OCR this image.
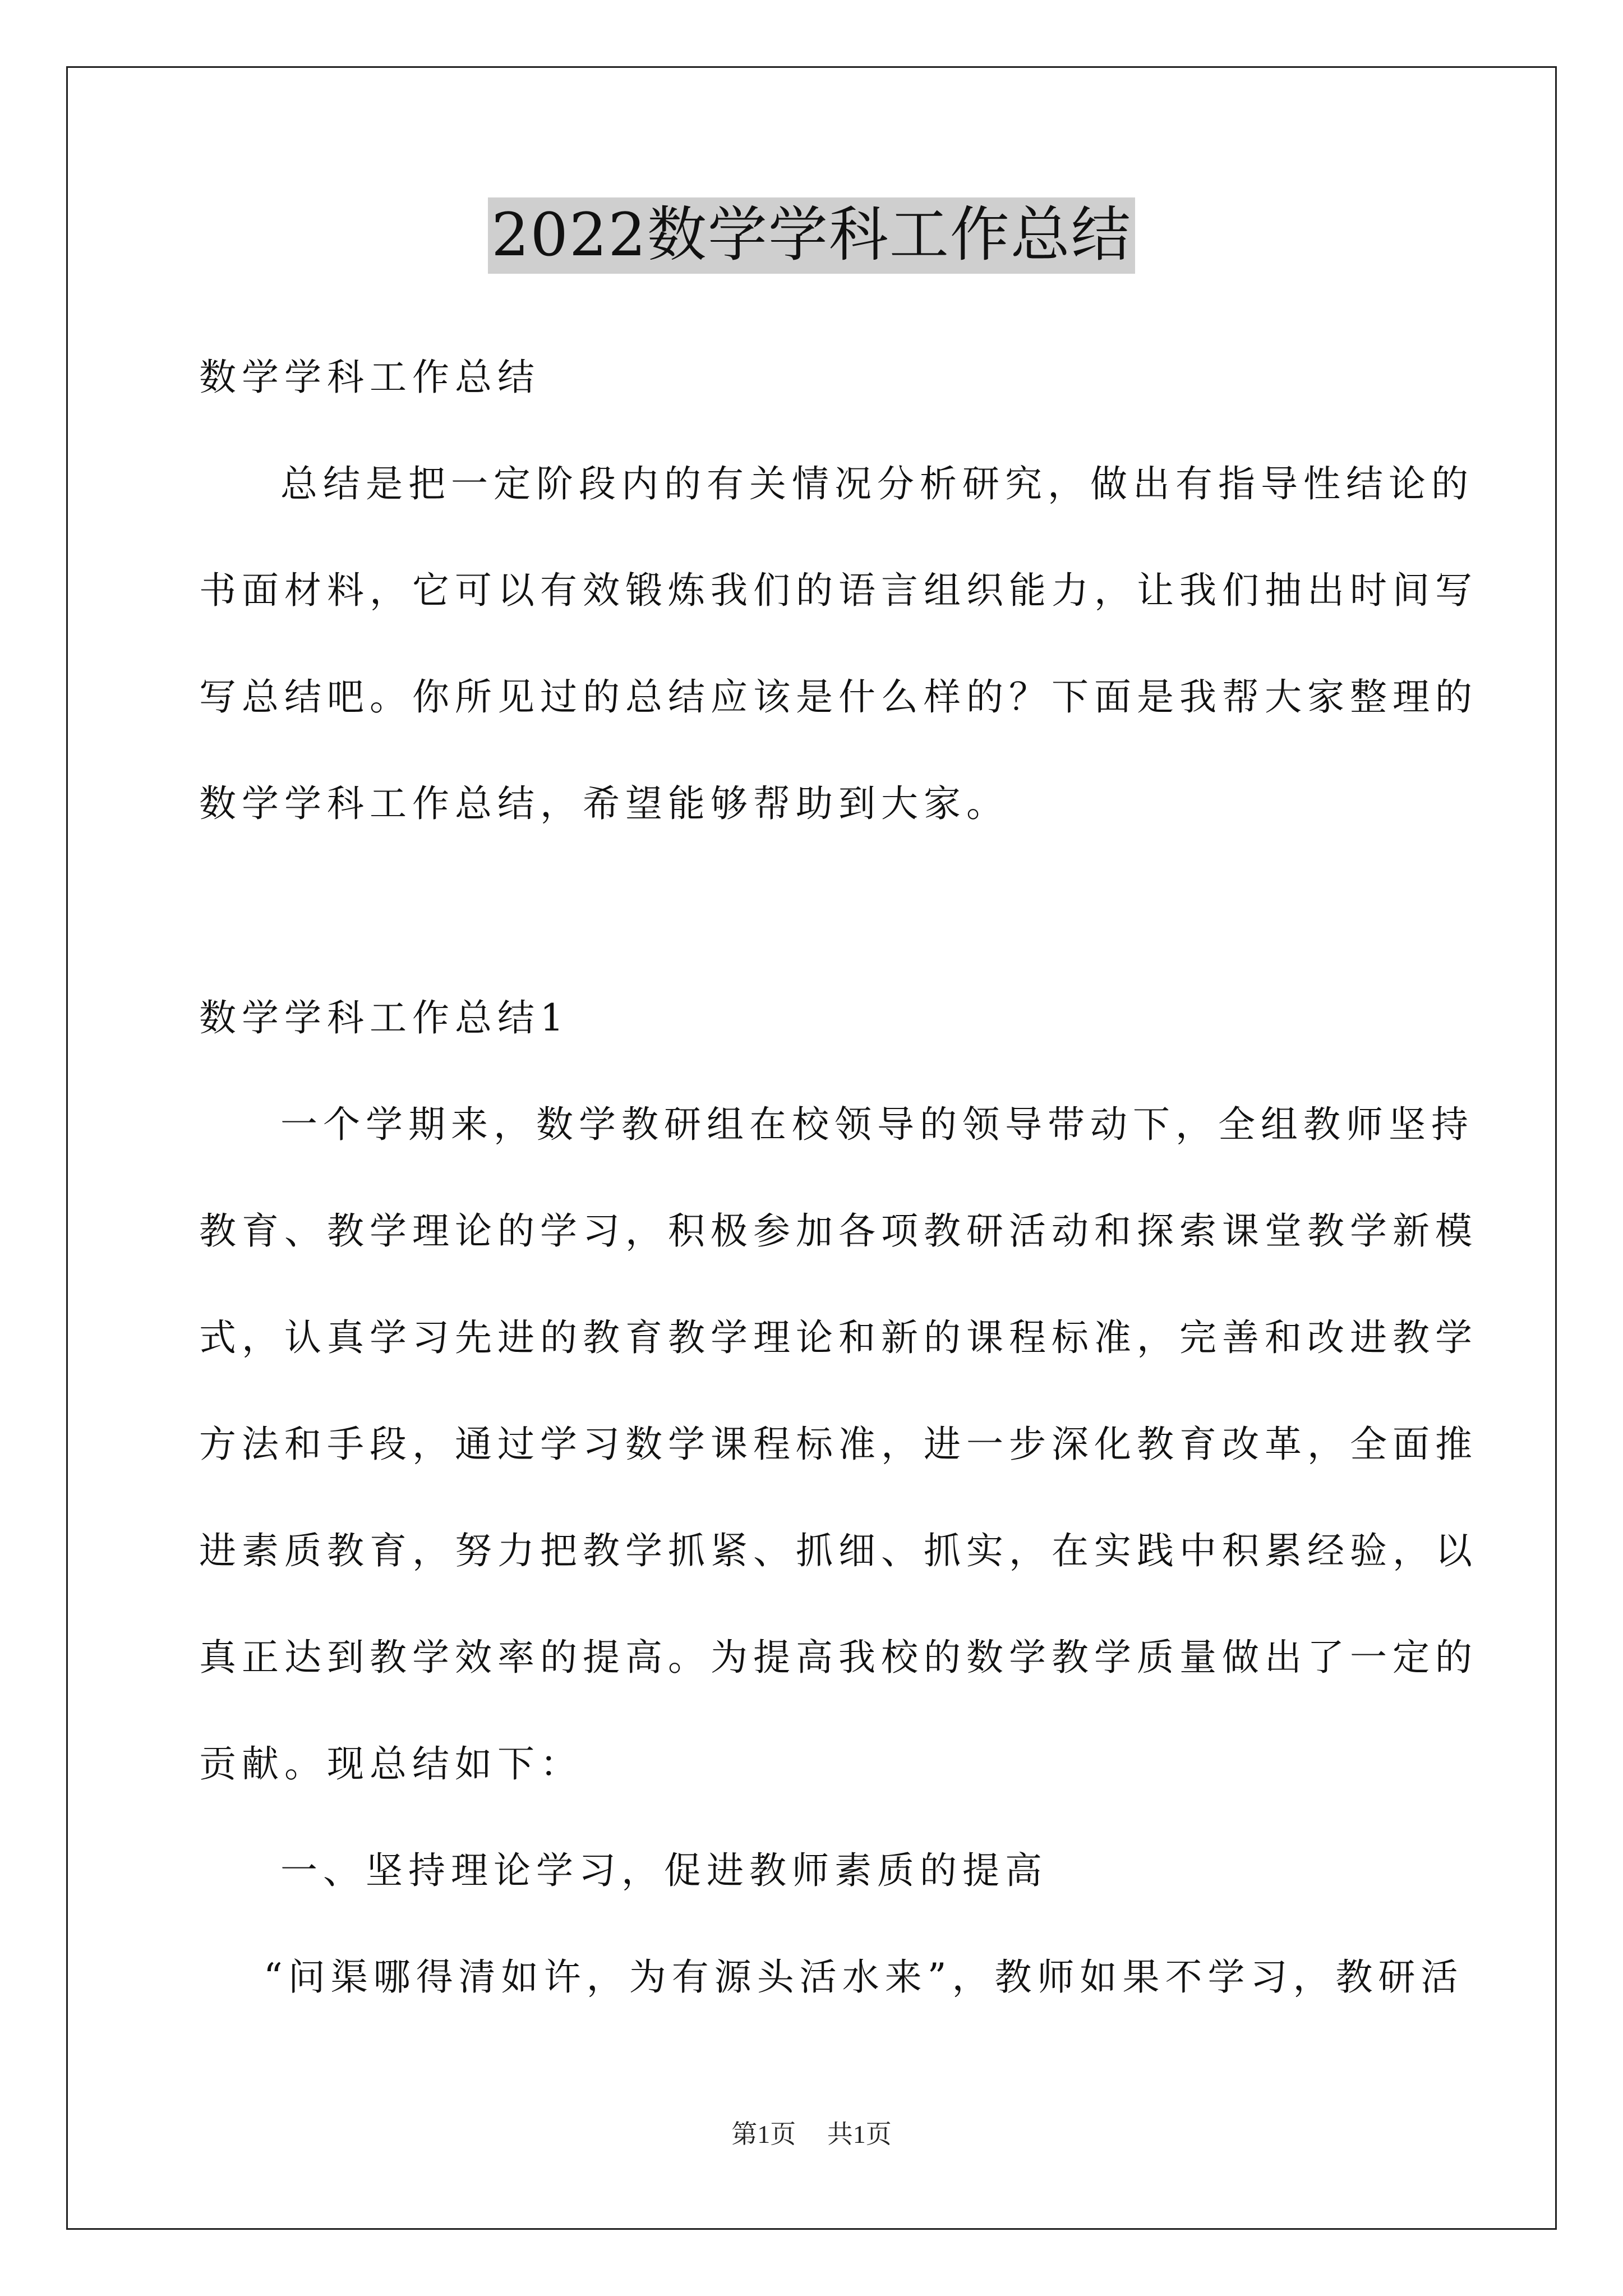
2022数学学科工作总结
数学学科工作总结
总结是把一定阶段内的有关情况分析研究，做出有指导性结论的
书面材料，它可以有效锻炼我们的语言组织能力，让我们抽出时间写
写总结吧。你所见过的总结应该是什么样的？下面是我帮大家整理的
数学学科工作总结，希望能够帮助到大家。
数学学科工作总结1
一个学期来，数学教研组在校领导的领导带动下，全组教师坚持
教育、教学理论的学习，积极参加各项教研活动和探索课堂教学新模
式，认真学习先进的教育教学理论和新的课程标准，完善和改进教学
方法和手段，通过学习数学课程标准，进一步深化教育改革，全面推
进素质教育，努力把教学抓紧、抓细、抓实，在实践中积累经验，以
真正达到教学效率的提高。为提高我校的数学教学质量做出了一定的
贡献。现总结如下：
一、坚持理论学习，促进教师素质的提高
“问渠哪得清如许，为有源头活水来”，教师如果不学习，教研活
第1页 共1页
